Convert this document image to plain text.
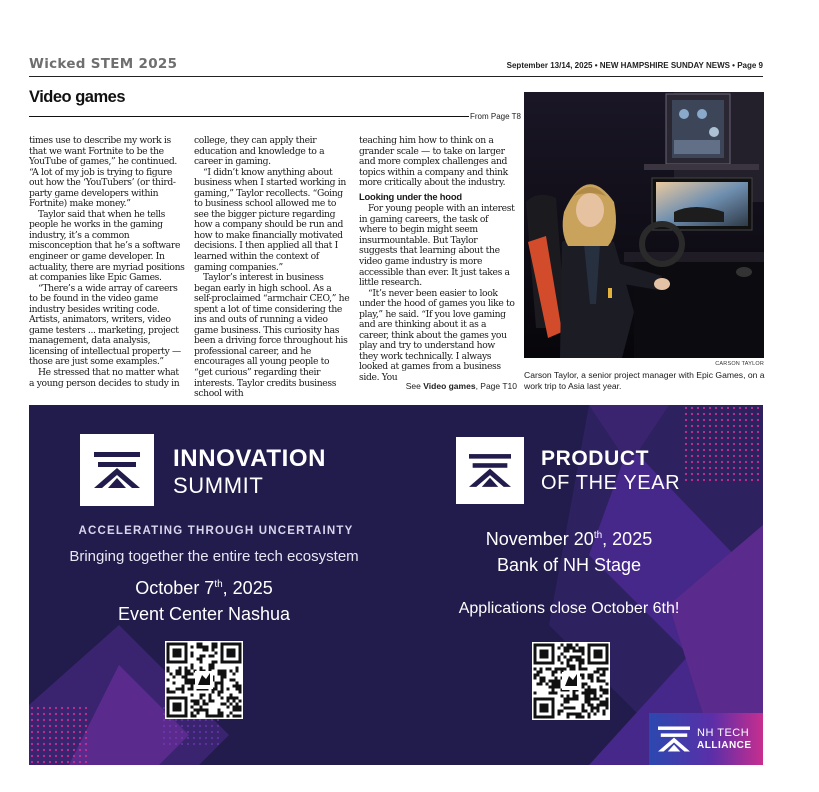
Wicked STEM 2025	September 13/14, 2025 • NEW HAMPSHIRE SUNDAY NEWS • Page 9
Video games
From Page T8

times use to describe my work is that we want Fortnite to be the YouTube of games,” he continued. “A lot of my job is trying to figure out how the ‘YouTubers’ (or third-party game developers within Fortnite) make money.”

Taylor said that when he tells people he works in the gaming industry, it’s a common misconception that he’s a software engineer or game developer. In actuality, there are myriad positions at companies like Epic Games.

“There’s a wide array of careers to be found in the video game industry besides writing code. Artists, animators, writers, video game testers ... marketing, project management, data analysis, licensing of intellectual property — those are just some examples.”

He stressed that no matter what a young person decides to study in

college, they can apply their education and knowledge to a career in gaming.

“I didn’t know anything about business when I started working in gaming,” Taylor recollects. “Going to business school allowed me to see the bigger picture regarding how a company should be run and how to make financially motivated decisions. I then applied all that I learned within the context of gaming companies.”

Taylor’s interest in business began early in high school. As a self-proclaimed “armchair CEO,” he spent a lot of time considering the ins and outs of running a video game business. This curiosity has been a driving force throughout his professional career, and he encourages all young people to “get curious” regarding their interests. Taylor credits business school with

teaching him how to think on a grander scale — to take on larger and more complex challenges and topics within a company and think more critically about the industry.

Looking under the hood

For young people with an interest in gaming careers, the task of where to begin might seem insurmountable. But Taylor suggests that learning about the video game industry is more accessible than ever. It just takes a little research.

“It’s never been easier to look under the hood of games you like to play,” he said. “If you love gaming and are thinking about it as a career, think about the games you play and try to understand how they work technically. I always looked at games from a business side. You

See Video games, Page T10
CARSON TAYLOR
Carson Taylor, a senior project manager with Epic Games, on a work trip to Asia last year.
INNOVATION
SUMMIT
ACCELERATING THROUGH UNCERTAINTY
Bringing together the entire tech ecosystem
October 7th, 2025
Event Center Nashua
PRODUCT
OF THE YEAR
November 20th, 2025
Bank of NH Stage
Applications close October 6th!
NH TECH
ALLIANCE
